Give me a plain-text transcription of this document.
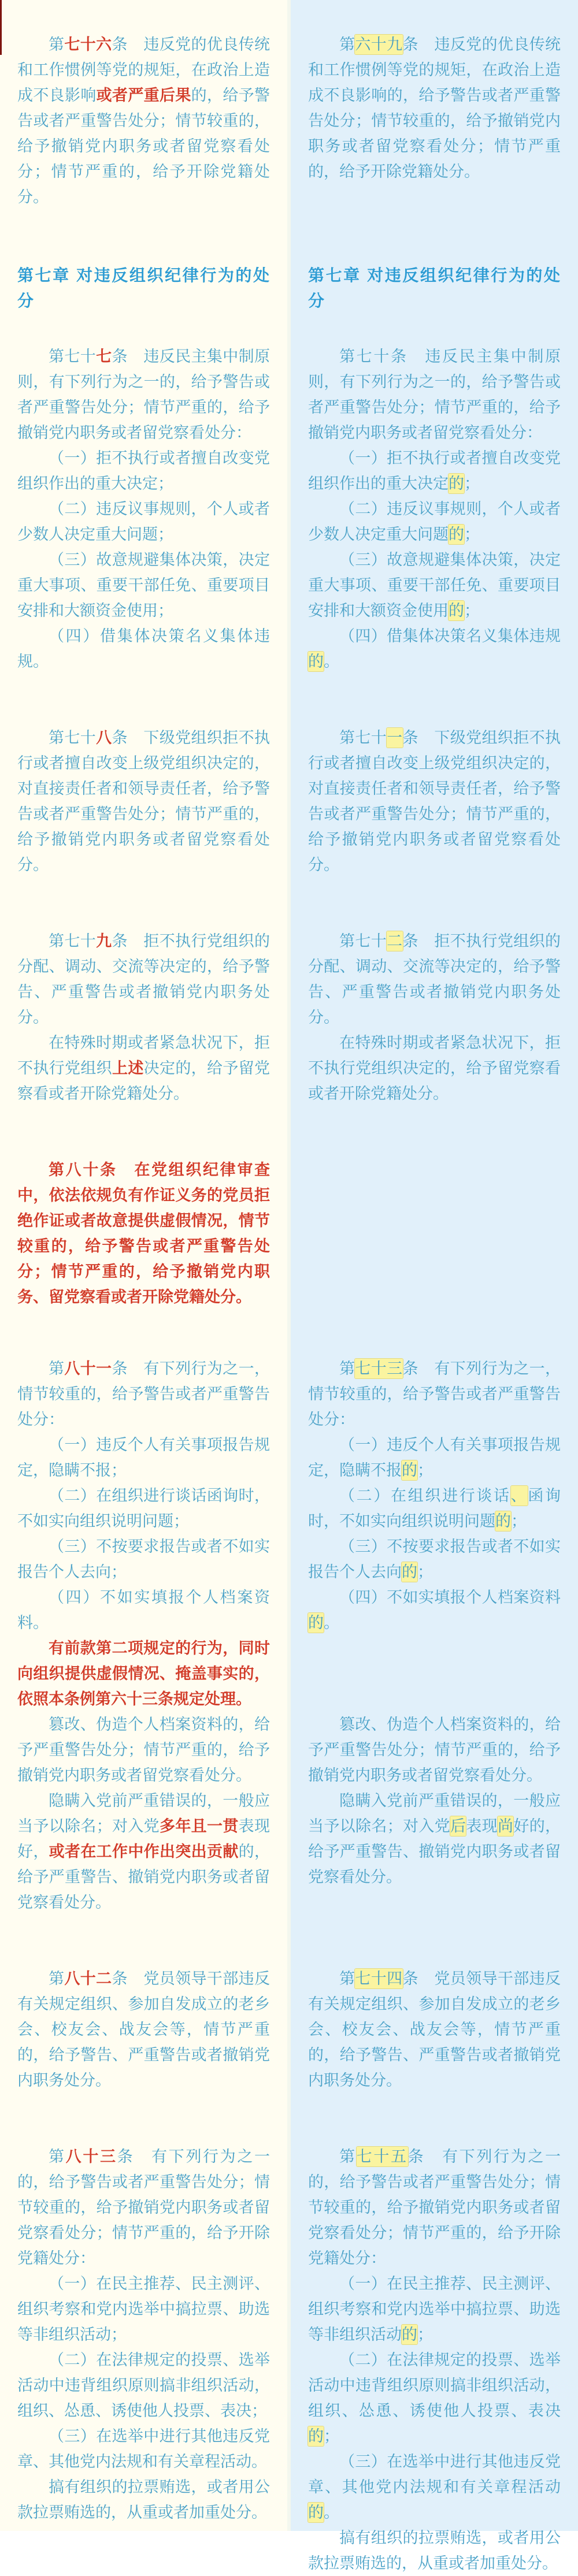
第七十六条　违反党的优良传统和工作惯例等党的规矩，在政治上造成不良影响或者严重后果的，给予警告或者严重警告处分；情节较重的，给予撤销党内职务或者留党察看处分；情节严重的，给予开除党籍处分。

第六十九条　违反党的优良传统和工作惯例等党的规矩，在政治上造成不良影响的，给予警告或者严重警告处分；情节较重的，给予撤销党内职务或者留党察看处分；情节严重的，给予开除党籍处分。

第七章 对违反组织纪律行为的处分

第七章 对违反组织纪律行为的处分

第七十七条　违反民主集中制原则，有下列行为之一的，给予警告或者严重警告处分；情节严重的，给予撤销党内职务或者留党察看处分：

（一）拒不执行或者擅自改变党组织作出的重大决定；

（二）违反议事规则，个人或者少数人决定重大问题；

（三）故意规避集体决策，决定重大事项、重要干部任免、重要项目安排和大额资金使用；

（四）借集体决策名义集体违规。

第七十条　违反民主集中制原则，有下列行为之一的，给予警告或者严重警告处分；情节严重的，给予撤销党内职务或者留党察看处分：

（一）拒不执行或者擅自改变党组织作出的重大决定的；

（二）违反议事规则，个人或者少数人决定重大问题的；

（三）故意规避集体决策，决定重大事项、重要干部任免、重要项目安排和大额资金使用的；

（四）借集体决策名义集体违规的。

第七十八条　下级党组织拒不执行或者擅自改变上级党组织决定的，对直接责任者和领导责任者，给予警告或者严重警告处分；情节严重的，给予撤销党内职务或者留党察看处分。

第七十一条　下级党组织拒不执行或者擅自改变上级党组织决定的，对直接责任者和领导责任者，给予警告或者严重警告处分；情节严重的，给予撤销党内职务或者留党察看处分。

第七十九条　拒不执行党组织的分配、调动、交流等决定的，给予警告、严重警告或者撤销党内职务处分。

在特殊时期或者紧急状况下，拒不执行党组织上述决定的，给予留党察看或者开除党籍处分。

第七十二条　拒不执行党组织的分配、调动、交流等决定的，给予警告、严重警告或者撤销党内职务处分。

在特殊时期或者紧急状况下，拒不执行党组织决定的，给予留党察看或者开除党籍处分。

第八十条　在党组织纪律审查中，依法依规负有作证义务的党员拒绝作证或者故意提供虚假情况，情节较重的，给予警告或者严重警告处分；情节严重的，给予撤销党内职务、留党察看或者开除党籍处分。

第八十一条　有下列行为之一，情节较重的，给予警告或者严重警告处分：

（一）违反个人有关事项报告规定，隐瞒不报；

（二）在组织进行谈话函询时，不如实向组织说明问题；

（三）不按要求报告或者不如实报告个人去向；

（四）不如实填报个人档案资料。

第七十三条　有下列行为之一，情节较重的，给予警告或者严重警告处分：

（一）违反个人有关事项报告规定，隐瞒不报的；

（二）在组织进行谈话、函询时，不如实向组织说明问题的；

（三）不按要求报告或者不如实报告个人去向的；

（四）不如实填报个人档案资料的。

有前款第二项规定的行为，同时向组织提供虚假情况、掩盖事实的，依照本条例第六十三条规定处理。

篡改、伪造个人档案资料的，给予严重警告处分；情节严重的，给予撤销党内职务或者留党察看处分。

篡改、伪造个人档案资料的，给予严重警告处分；情节严重的，给予撤销党内职务或者留党察看处分。

隐瞒入党前严重错误的，一般应当予以除名；对入党多年且一贯表现好，或者在工作中作出突出贡献的，给予严重警告、撤销党内职务或者留党察看处分。

隐瞒入党前严重错误的，一般应当予以除名；对入党后表现尚好的，给予严重警告、撤销党内职务或者留党察看处分。

第八十二条　党员领导干部违反有关规定组织、参加自发成立的老乡会、校友会、战友会等，情节严重的，给予警告、严重警告或者撤销党内职务处分。

第七十四条　党员领导干部违反有关规定组织、参加自发成立的老乡会、校友会、战友会等，情节严重的，给予警告、严重警告或者撤销党内职务处分。

第八十三条　有下列行为之一的，给予警告或者严重警告处分；情节较重的，给予撤销党内职务或者留党察看处分；情节严重的，给予开除党籍处分：

（一）在民主推荐、民主测评、组织考察和党内选举中搞拉票、助选等非组织活动；

（二）在法律规定的投票、选举活动中违背组织原则搞非组织活动，组织、怂恿、诱使他人投票、表决；

（三）在选举中进行其他违反党章、其他党内法规和有关章程活动。

搞有组织的拉票贿选，或者用公款拉票贿选的，从重或者加重处分。

第七十五条　有下列行为之一的，给予警告或者严重警告处分；情节较重的，给予撤销党内职务或者留党察看处分；情节严重的，给予开除党籍处分：

（一）在民主推荐、民主测评、组织考察和党内选举中搞拉票、助选等非组织活动的；

（二）在法律规定的投票、选举活动中违背组织原则搞非组织活动，组织、怂恿、诱使他人投票、表决的；

（三）在选举中进行其他违反党章、其他党内法规和有关章程活动的。

搞有组织的拉票贿选，或者用公款拉票贿选的，从重或者加重处分。
